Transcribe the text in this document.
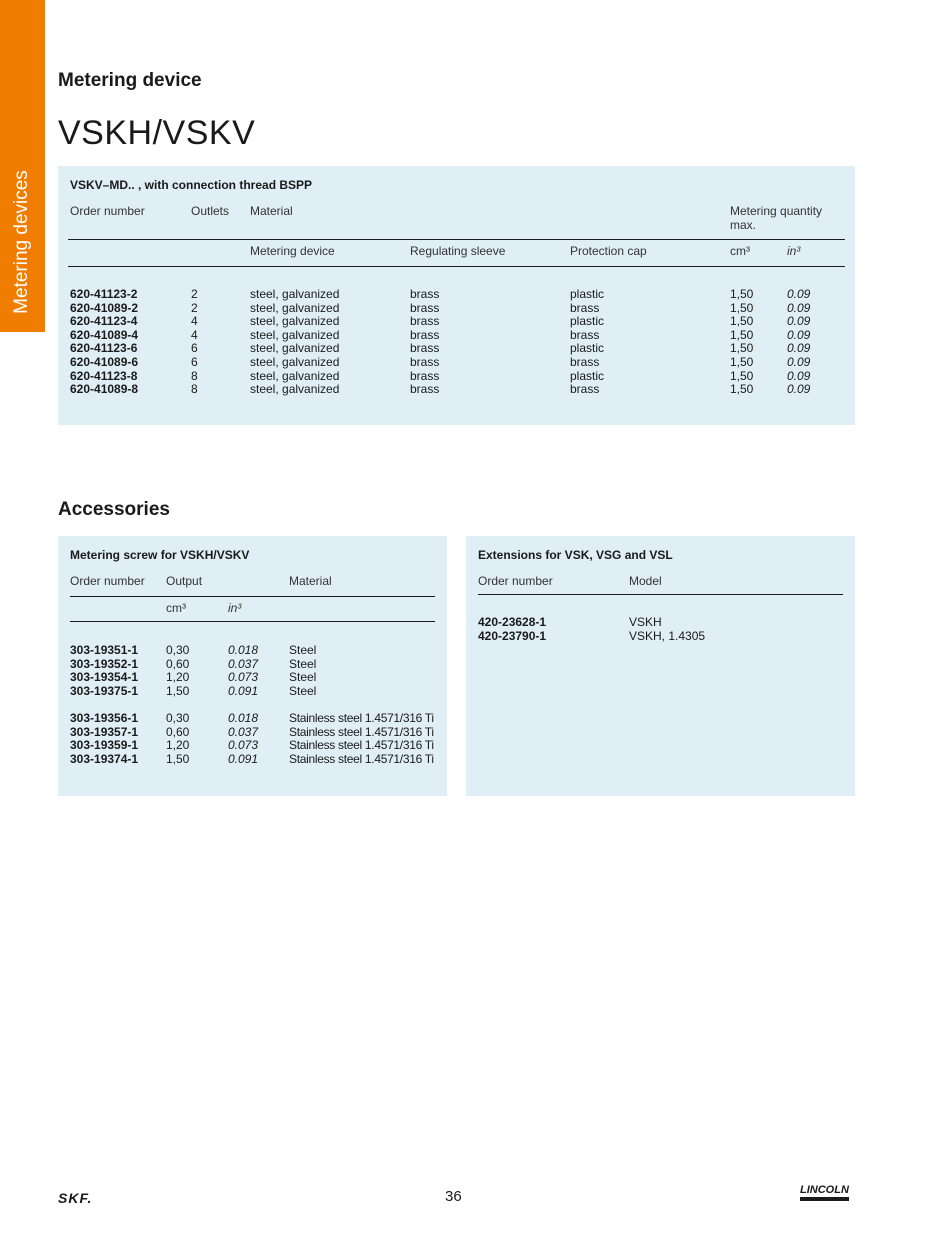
Metering devices
Metering device
VSKH/VSKV
VSKV–MD.. , with connection thread BSPP
Order number	Outlets Material	Metering quantity
max.
Metering device	Regulating sleeve	Protection cap	cm³	in³
620-41123-2	2	steel, galvanized	brass	plastic	1,50	0.09
620-41089-2	2	steel, galvanized	brass	brass	1,50	0.09
620-41123-4	4	steel, galvanized	brass	plastic	1,50	0.09
620-41089-4	4	steel, galvanized	brass	brass	1,50	0.09
620-41123-6	6	steel, galvanized	brass	plastic	1,50	0.09
620-41089-6	6	steel, galvanized	brass	brass	1,50	0.09
620-41123-8	8	steel, galvanized	brass	plastic	1,50	0.09
620-41089-8	8	steel, galvanized	brass	brass	1,50	0.09
Accessories
Metering screw for VSKH/VSKV
Order number Output	Material
cm³	in³
303-19351-1 0,30	0.018	Steel
303-19352-1 0,60	0.037	Steel
303-19354-1 1,20	0.073	Steel
303-19375-1 1,50	0.091	Steel
303-19356-1 0,30	0.018	Stainless steel 1.4571/316 Ti
303-19357-1 0,60	0.037	Stainless steel 1.4571/316 Ti
303-19359-1 1,20	0.073	Stainless steel 1.4571/316 Ti
303-19374-1 1,50	0.091	Stainless steel 1.4571/316 Ti
Extensions for VSK, VSG and VSL
Order number	Model
420-23628-1	VSKH
420-23790-1	VSKH, 1.4305
SKF.	36	LINCOLN
